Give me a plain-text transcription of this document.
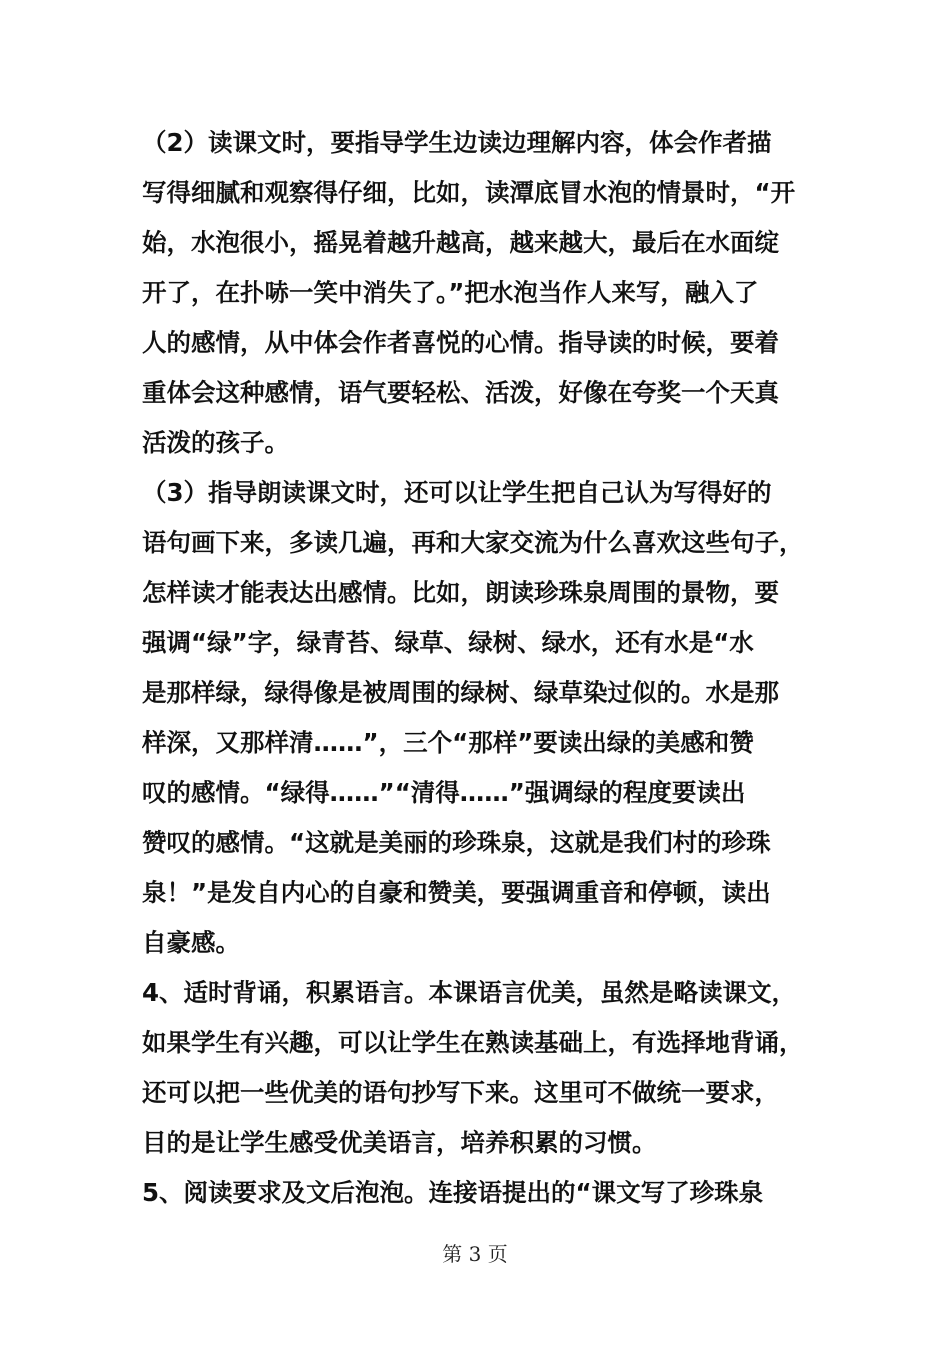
（2）读课文时，要指导学生边读边理解内容，体会作者描
写得细腻和观察得仔细，比如，读潭底冒水泡的情景时，“开
始，水泡很小，摇晃着越升越高，越来越大，最后在水面绽
开了，在扑哧一笑中消失了。”把水泡当作人来写，融入了
人的感情，从中体会作者喜悦的心情。指导读的时候，要着
重体会这种感情，语气要轻松、活泼，好像在夸奖一个天真
活泼的孩子。
（3）指导朗读课文时，还可以让学生把自己认为写得好的
语句画下来，多读几遍，再和大家交流为什么喜欢这些句子，
怎样读才能表达出感情。比如，朗读珍珠泉周围的景物，要
强调“绿”字，绿青苔、绿草、绿树、绿水，还有水是“水
是那样绿，绿得像是被周围的绿树、绿草染过似的。水是那
样深，又那样清……”，三个“那样”要读出绿的美感和赞
叹的感情。“绿得……”“清得……”强调绿的程度要读出
赞叹的感情。“这就是美丽的珍珠泉，这就是我们村的珍珠
泉！”是发自内心的自豪和赞美，要强调重音和停顿，读出
自豪感。
4、适时背诵，积累语言。本课语言优美，虽然是略读课文，
如果学生有兴趣，可以让学生在熟读基础上，有选择地背诵，
还可以把一些优美的语句抄写下来。这里可不做统一要求，
目的是让学生感受优美语言，培养积累的习惯。
5、阅读要求及文后泡泡。连接语提出的“课文写了珍珠泉
第 3 页
